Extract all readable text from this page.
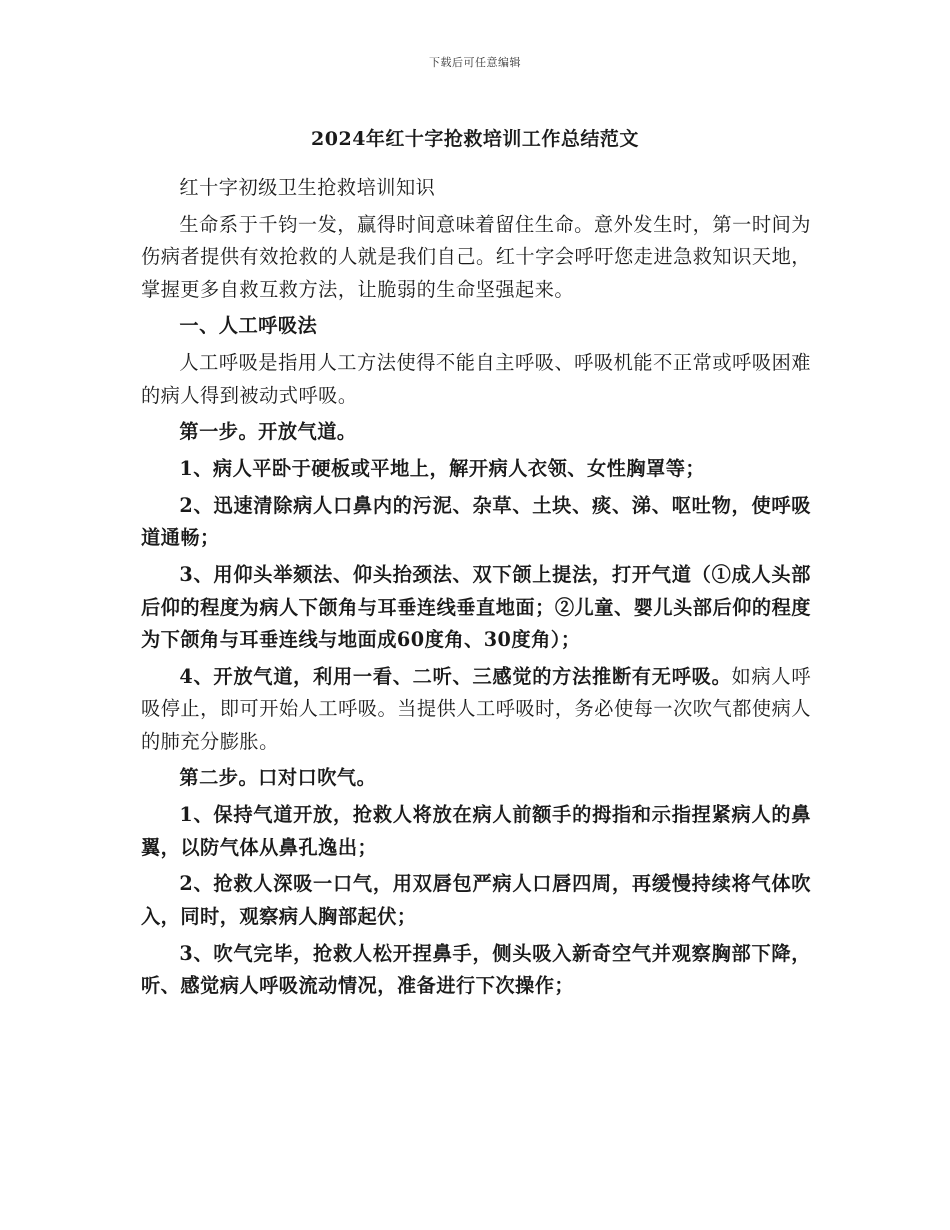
下载后可任意编辑
2024年红十字抢救培训工作总结范文

红十字初级卫生抢救培训知识

生命系于千钧一发，赢得时间意味着留住生命。意外发生时，第一时间为伤病者提供有效抢救的人就是我们自己。红十字会呼吁您走进急救知识天地，掌握更多自救互救方法，让脆弱的生命坚强起来。

一、人工呼吸法

人工呼吸是指用人工方法使得不能自主呼吸、呼吸机能不正常或呼吸困难的病人得到被动式呼吸。

第一步。开放气道。

1、病人平卧于硬板或平地上，解开病人衣领、女性胸罩等；

2、迅速清除病人口鼻内的污泥、杂草、土块、痰、涕、呕吐物，使呼吸道通畅；

3、用仰头举颏法、仰头抬颈法、双下颌上提法，打开气道（①成人头部后仰的程度为病人下颌角与耳垂连线垂直地面；②儿童、婴儿头部后仰的程度为下颌角与耳垂连线与地面成60度角、30度角）；

4、开放气道，利用一看、二听、三感觉的方法推断有无呼吸。如病人呼吸停止，即可开始人工呼吸。当提供人工呼吸时，务必使每一次吹气都使病人的肺充分膨胀。

第二步。口对口吹气。

1、保持气道开放，抢救人将放在病人前额手的拇指和示指捏紧病人的鼻翼，以防气体从鼻孔逸出；

2、抢救人深吸一口气，用双唇包严病人口唇四周，再缓慢持续将气体吹入，同时，观察病人胸部起伏；

3、吹气完毕，抢救人松开捏鼻手，侧头吸入新奇空气并观察胸部下降，听、感觉病人呼吸流动情况，准备进行下次操作；
